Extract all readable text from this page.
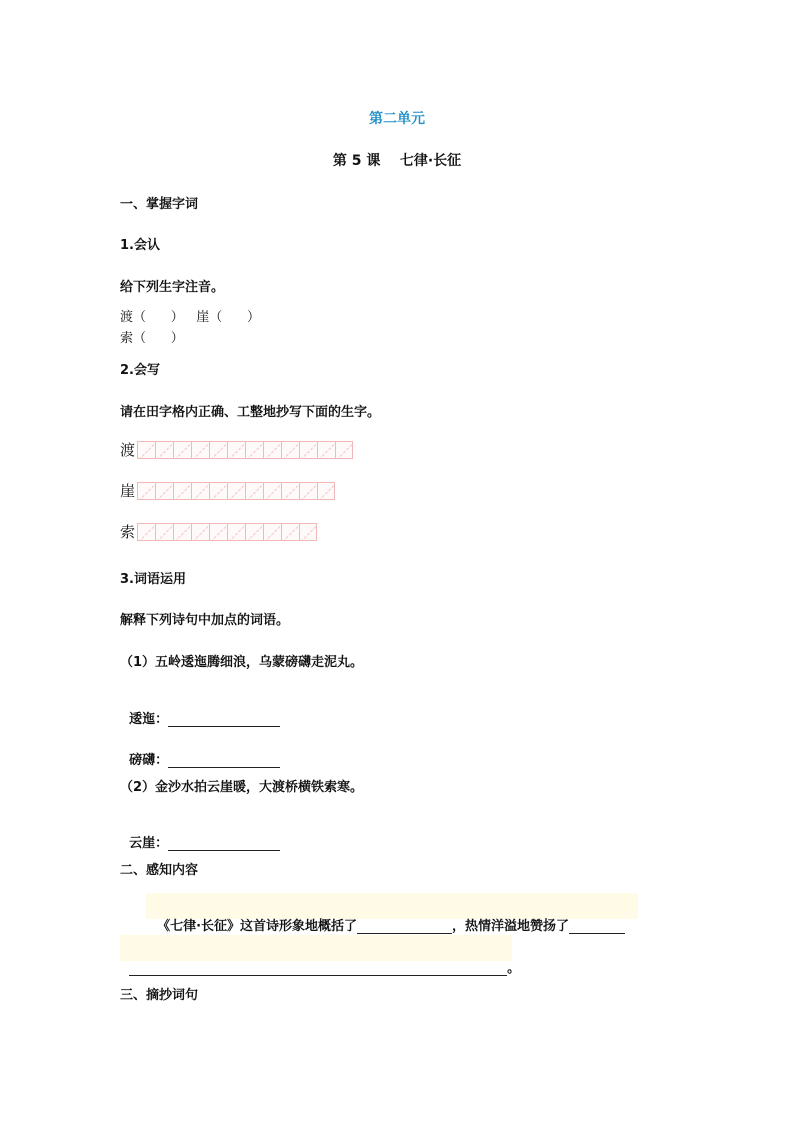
第二单元
第 5 课    七律·长征
一、掌握字词
1.会认
给下列生字注音。
渡（      ）   崖（      ）
索（      ）
2.会写
请在田字格内正确、工整地抄写下面的生字。
渡
崖
索
3.词语运用
解释下列诗句中加点的词语。
（1）五岭逶迤腾细浪，乌蒙磅礴走泥丸。

逶迤：

磅礴：

（2）金沙水拍云崖暖，大渡桥横铁索寒。

云崖：

二、感知内容

《七律·长征》这首诗形象地概括了	，热情洋溢地赞扬了

。

三、摘抄词句
